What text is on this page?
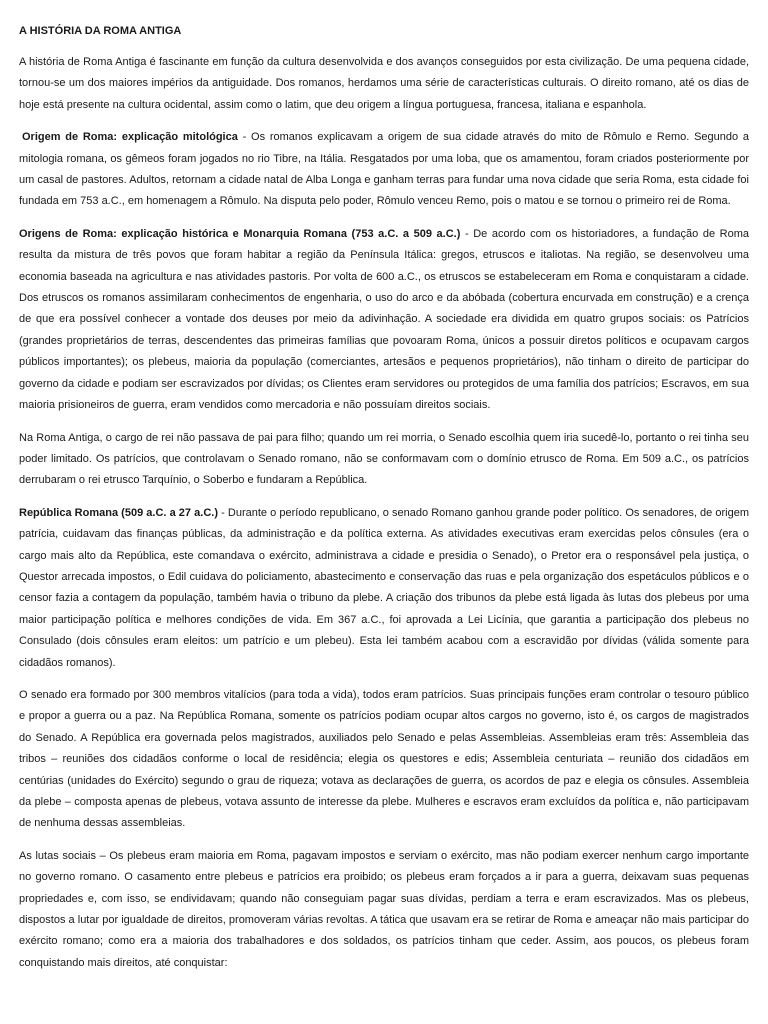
A HISTÓRIA DA ROMA ANTIGA

A história de Roma Antiga é fascinante em função da cultura desenvolvida e dos avanços conseguidos por esta civilização. De uma pequena cidade, tornou-se um dos maiores impérios da antiguidade. Dos romanos, herdamos uma série de características culturais. O direito romano, até os dias de hoje está presente na cultura ocidental, assim como o latim, que deu origem a língua portuguesa, francesa, italiana e espanhola.

Origem de Roma: explicação mitológica - Os romanos explicavam a origem de sua cidade através do mito de Rômulo e Remo. Segundo a mitologia romana, os gêmeos foram jogados no rio Tibre, na Itália. Resgatados por uma loba, que os amamentou, foram criados posteriormente por um casal de pastores. Adultos, retornam a cidade natal de Alba Longa e ganham terras para fundar uma nova cidade que seria Roma, esta cidade foi fundada em 753 a.C., em homenagem a Rômulo. Na disputa pelo poder, Rômulo venceu Remo, pois o matou e se tornou o primeiro rei de Roma.

Origens de Roma: explicação histórica e Monarquia Romana (753 a.C. a 509 a.C.) - De acordo com os historiadores, a fundação de Roma resulta da mistura de três povos que foram habitar a região da Península Itálica: gregos, etruscos e italiotas. Na região, se desenvolveu uma economia baseada na agricultura e nas atividades pastoris. Por volta de 600 a.C., os etruscos se estabeleceram em Roma e conquistaram a cidade. Dos etruscos os romanos assimilaram conhecimentos de engenharia, o uso do arco e da abóbada (cobertura encurvada em construção) e a crença de que era possível conhecer a vontade dos deuses por meio da adivinhação. A sociedade era dividida em quatro grupos sociais: os Patrícios (grandes proprietários de terras, descendentes das primeiras famílias que povoaram Roma, únicos a possuir diretos políticos e ocupavam cargos públicos importantes); os plebeus, maioria da população (comerciantes, artesãos e pequenos proprietários), não tinham o direito de participar do governo da cidade e podiam ser escravizados por dívidas; os Clientes eram servidores ou protegidos de uma família dos patrícios; Escravos, em sua maioria prisioneiros de guerra, eram vendidos como mercadoria e não possuíam direitos sociais.

Na Roma Antiga, o cargo de rei não passava de pai para filho; quando um rei morria, o Senado escolhia quem iria sucedê-lo, portanto o rei tinha seu poder limitado. Os patrícios, que controlavam o Senado romano, não se conformavam com o domínio etrusco de Roma. Em 509 a.C., os patrícios derrubaram o rei etrusco Tarquínio, o Soberbo e fundaram a República.

República Romana (509 a.C. a 27 a.C.) - Durante o período republicano, o senado Romano ganhou grande poder político. Os senadores, de origem patrícia, cuidavam das finanças públicas, da administração e da política externa. As atividades executivas eram exercidas pelos cônsules (era o cargo mais alto da República, este comandava o exército, administrava a cidade e presidia o Senado), o Pretor era o responsável pela justiça, o Questor arrecada impostos, o Edil cuidava do policiamento, abastecimento e conservação das ruas e pela organização dos espetáculos públicos e o censor fazia a contagem da população, também havia o tribuno da plebe. A criação dos tribunos da plebe está ligada às lutas dos plebeus por uma maior participação política e melhores condições de vida. Em 367 a.C., foi aprovada a Lei Licínia, que garantia a participação dos plebeus no Consulado (dois cônsules eram eleitos: um patrício e um plebeu). Esta lei também acabou com a escravidão por dívidas (válida somente para cidadãos romanos).

O senado era formado por 300 membros vitalícios (para toda a vida), todos eram patrícios. Suas principais funções eram controlar o tesouro público e propor a guerra ou a paz. Na República Romana, somente os patrícios podiam ocupar altos cargos no governo, isto é, os cargos de magistrados do Senado. A República era governada pelos magistrados, auxiliados pelo Senado e pelas Assembleias. Assembleias eram três: Assembleia das tribos – reuniões dos cidadãos conforme o local de residência; elegia os questores e edis; Assembleia centuriata – reunião dos cidadãos em centúrias (unidades do Exército) segundo o grau de riqueza; votava as declarações de guerra, os acordos de paz e elegia os cônsules. Assembleia da plebe – composta apenas de plebeus, votava assunto de interesse da plebe. Mulheres e escravos eram excluídos da política e, não participavam de nenhuma dessas assembleias.

As lutas sociais – Os plebeus eram maioria em Roma, pagavam impostos e serviam o exército, mas não podiam exercer nenhum cargo importante no governo romano. O casamento entre plebeus e patrícios era proibido; os plebeus eram forçados a ir para a guerra, deixavam suas pequenas propriedades e, com isso, se endividavam; quando não conseguiam pagar suas dívidas, perdiam a terra e eram escravizados. Mas os plebeus, dispostos a lutar por igualdade de direitos, promoveram várias revoltas. A tática que usavam era se retirar de Roma e ameaçar não mais participar do exército romano; como era a maioria dos trabalhadores e dos soldados, os patrícios tinham que ceder. Assim, aos poucos, os plebeus foram conquistando mais direitos, até conquistar:
